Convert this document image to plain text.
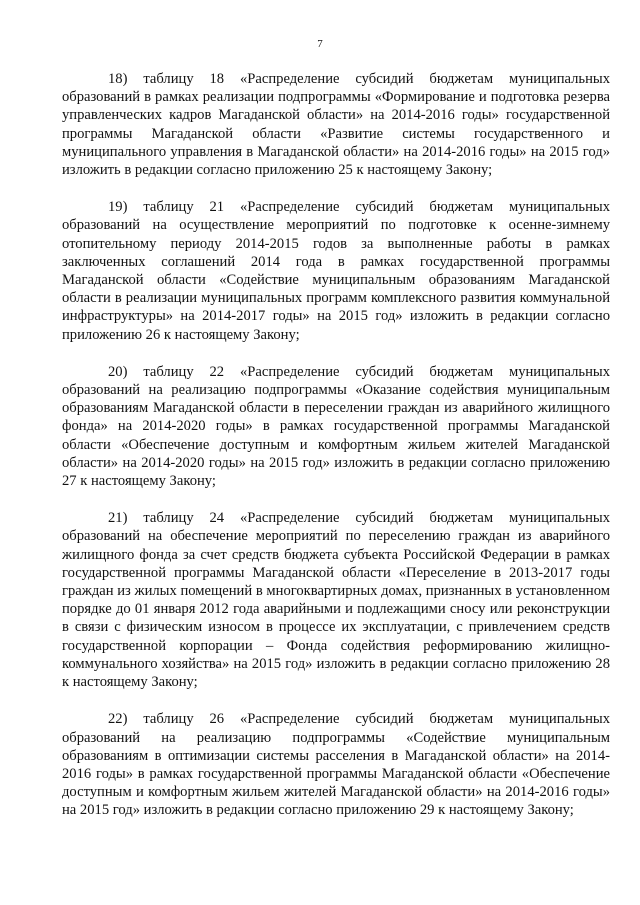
7

18) таблицу 18 «Распределение субсидий бюджетам муниципальных образований в рамках реализации подпрограммы «Формирование и подготовка резерва управленческих кадров Магаданской области» на 2014-2016 годы» государственной программы Магаданской области «Развитие системы государственного и муниципального управления в Магаданской области» на 2014-2016 годы» на 2015 год» изложить в редакции согласно приложению 25 к настоящему Закону;

19) таблицу 21 «Распределение субсидий бюджетам муниципальных образований на осуществление мероприятий по подготовке к осенне-зимнему отопительному периоду 2014-2015 годов за выполненные работы в рамках заключенных соглашений 2014 года в рамках государственной программы Магаданской области «Содействие муниципальным образованиям Магаданской области в реализации муниципальных программ комплексного развития коммунальной инфраструктуры» на 2014-2017 годы» на 2015 год» изложить в редакции согласно приложению 26 к настоящему Закону;

20) таблицу 22 «Распределение субсидий бюджетам муниципальных образований на реализацию подпрограммы «Оказание содействия муниципальным образованиям Магаданской области в переселении граждан из аварийного жилищного фонда» на 2014-2020 годы» в рамках государственной программы Магаданской области «Обеспечение доступным и комфортным жильем жителей Магаданской области» на 2014-2020 годы» на 2015 год» изложить в редакции согласно приложению 27 к настоящему Закону;

21) таблицу 24 «Распределение субсидий бюджетам муниципальных образований на обеспечение мероприятий по переселению граждан из аварийного жилищного фонда за счет средств бюджета субъекта Российской Федерации в рамках государственной программы Магаданской области «Переселение в 2013-2017 годы граждан из жилых помещений в многоквартирных домах, признанных в установленном порядке до 01 января 2012 года аварийными и подлежащими сносу или реконструкции в связи с физическим износом в процессе их эксплуатации, с привлечением средств государственной корпорации – Фонда содействия реформированию жилищно-коммунального хозяйства» на 2015 год» изложить в редакции согласно приложению 28 к настоящему Закону;

22) таблицу 26 «Распределение субсидий бюджетам муниципальных образований на реализацию подпрограммы «Содействие муниципальным образованиям в оптимизации системы расселения в Магаданской области» на 2014-2016 годы» в рамках государственной программы Магаданской области «Обеспечение доступным и комфортным жильем жителей Магаданской области» на 2014-2016 годы» на 2015 год» изложить в редакции согласно приложению 29 к настоящему Закону;
